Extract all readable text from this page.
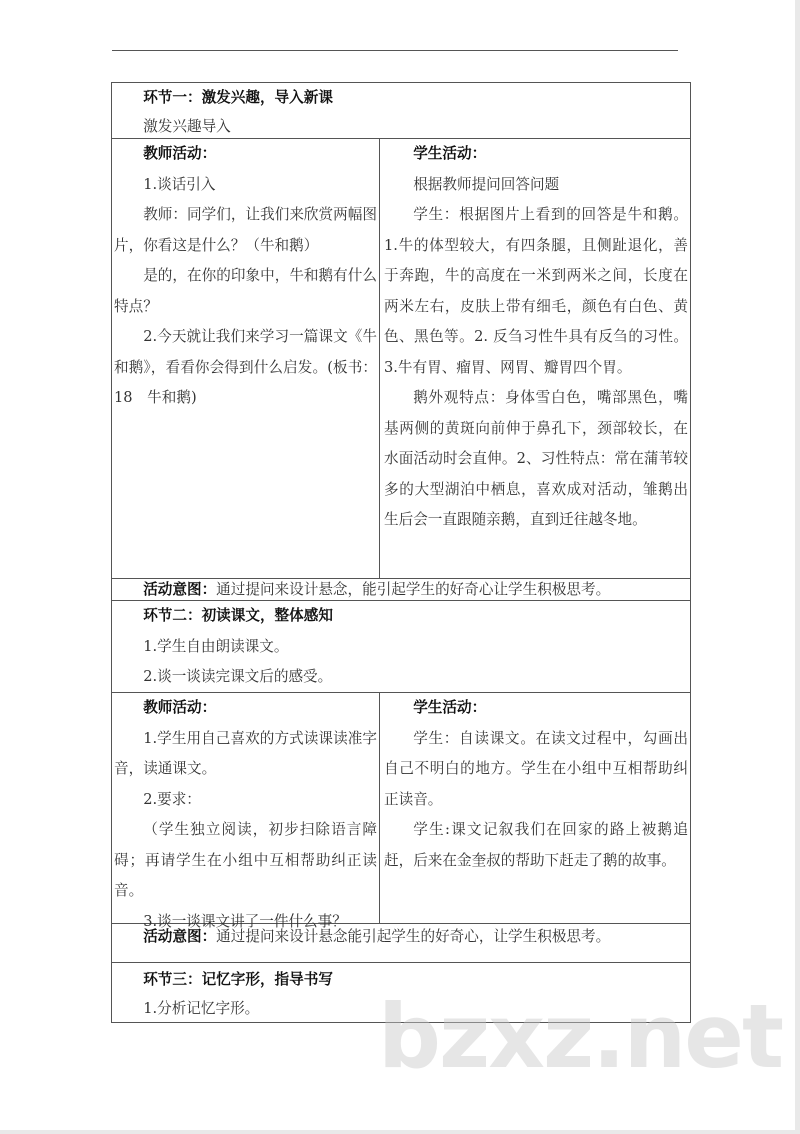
环节一：激发兴趣，导入新课

激发兴趣导入

教师活动：

1.谈话引入

教师：同学们，让我们来欣赏两幅图片，你看这是什么？（牛和鹅）

是的，在你的印象中，牛和鹅有什么特点？

2.今天就让我们来学习一篇课文《牛和鹅》，看看你会得到什么启发。(板书：18　牛和鹅)

学生活动：

根据教师提问回答问题

学生：根据图片上看到的回答是牛和鹅。1.牛的体型较大，有四条腿，且侧趾退化，善于奔跑，牛的高度在一米到两米之间，长度在两米左右，皮肤上带有细毛，颜色有白色、黄色、黑色等。2. 反刍习性牛具有反刍的习性。3.牛有胃、瘤胃、网胃、瓣胃四个胃。

鹅外观特点：身体雪白色，嘴部黑色，嘴基两侧的黄斑向前伸于鼻孔下，颈部较长，在水面活动时会直伸。2、习性特点：常在蒲苇较多的大型湖泊中栖息，喜欢成对活动，雏鹅出生后会一直跟随亲鹅，直到迁往越冬地。

活动意图：通过提问来设计悬念，能引起学生的好奇心让学生积极思考。

环节二：初读课文，整体感知

1.学生自由朗读课文。

2.谈一谈读完课文后的感受。

教师活动：

1.学生用自己喜欢的方式读课读准字音，读通课文。

2.要求：

（学生独立阅读，初步扫除语言障碍；再请学生在小组中互相帮助纠正读音。

3.谈一谈课文讲了一件什么事？

学生活动：

学生：自读课文。在读文过程中，勾画出自己不明白的地方。学生在小组中互相帮助纠正读音。

学生:课文记叙我们在回家的路上被鹅追赶，后来在金奎叔的帮助下赶走了鹅的故事。

活动意图：通过提问来设计悬念能引起学生的好奇心，让学生积极思考。

环节三：记忆字形，指导书写

1.分析记忆字形。	bzxz.net
